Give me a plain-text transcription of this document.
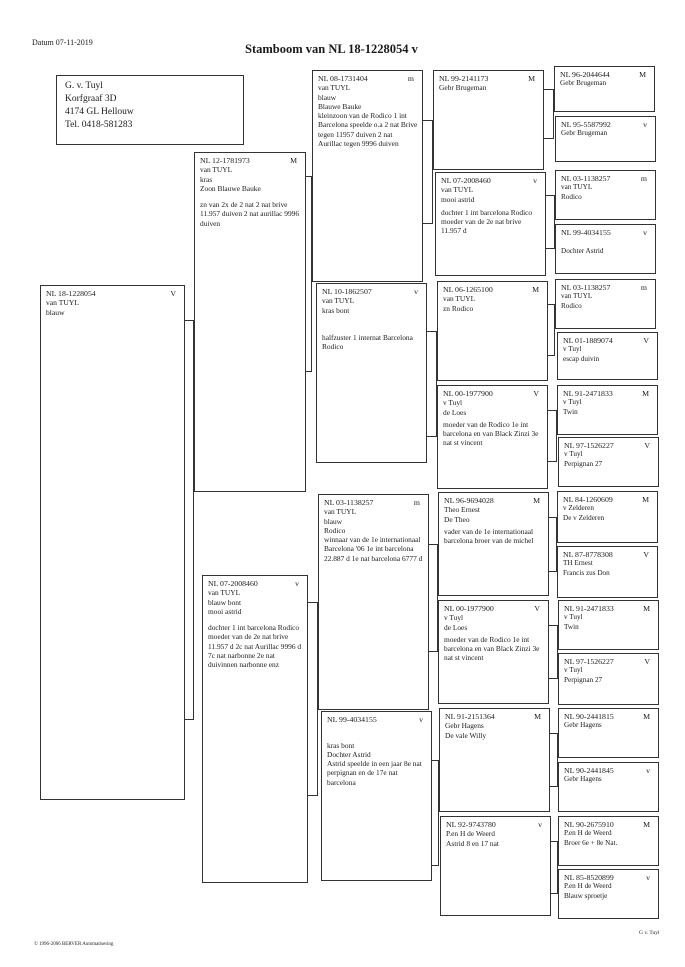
Datum 07-11-2019	Stamboom van NL 18-1228054 v
G. v. Tuyl
Korfgraaf 3D
4174 GL Hellouw
Tel. 0418-581283
NL 18-1228054	V
van TUYL
blauw
NL 12-1781973	M
van TUYL
kras
Zoon Blauwe Bauke
zn van 2x de 2 nat 2 nat brive 11.957 duiven 2 nat aurillac 9996 duiven
NL 07-2008460	v
van TUYL
blauw bont
mooi astrid
dochter 1 int barcelona Rodico moeder van de 2e nat brive 11.957 d 2c nat Aurillac 9996 d 7c nat narbonne 2e nat duivinnen narbonne enz
NL 08-1731404	m
van TUYL
blauw
Blauwe Bauke
kleinzoon van de Rodico 1 int Barcelona speelde o.a 2 nat Brive tegen 11957 duiven 2 nat Aurillac tegen 9996 duiven
NL 10-1862507	v
van TUYL
kras bont
halfzuster 1 internat Barcelona Rodico
NL 03-1138257	m
van TUYL
blauw
Rodico
winnaar van de 1e internationaal Barcelona '06 1e int barcelona 22.887 d 1e nat barcelona 6777 d
NL 99-4034155	v

kras bont
Dochter Astrid
Astrid speelde in een jaar 8e nat perpignan en de 17e nat barcelona
NL 99-2141173	M
Gebr Brugeman
NL 07-2008460	v
van TUYL
mooi astrid
dochter 1 int barcelona Rodico moeder van de 2e nat brive 11.957 d
NL 06-1265100	M
van TUYL
zn Rodico
NL 00-1977900	V
v Tuyl
de Loes
moeder van de Rodico 1e int barcelona en van Black Zinzi 3e nat st vincent
NL 96-9694028	M
Theo Ernest
De Theo
vader van de 1e internationaal barcelona broer van de michel
NL 00-1977900	V
v Tuyl
de Loes
moeder van de Rodico 1e int barcelona en van Black Zinzi 3e nat st vincent
NL 91-2151364	M
Gebr Hagens
De vale Willy
NL 92-9743780	v
P.en H de Weerd
Astrid 8 en 17 nat
NL 96-2044644	M
Gebr Brugeman
NL 95-5587992	v
Gebr Brugeman
NL 03-1138257	m
van TUYL
Rodico
NL 99-4034155	v

Dochter Astrid
NL 03-1138257	m
van TUYL
Rodico
NL 01-1889074	V
v Tuyl
escap duivin
NL 91-2471833	M
v Tuyl
Twin
NL 97-1526227	V
v Tuyl
Perpignan 27
NL 84-1260609	M
v Zelderen
De v Zelderen
NL 87-8778308	V
TH Ernest
Francis zus Don
NL 91-2471833	M
v Tuyl
Twin
NL 97-1526227	V
v Tuyl
Perpignan 27
NL 90-2441815	M
Gebr Hagens
NL 90-2441845	v
Gebr Hagens
NL 90-2675910	M
P.en H de Weerd
Broer 6e + 8e Nat.
NL 85-8520899	v
P.en H de Weerd
Blauw sproetje
© 1996-2006 BERVER Automatisering
G v. Tuyl
